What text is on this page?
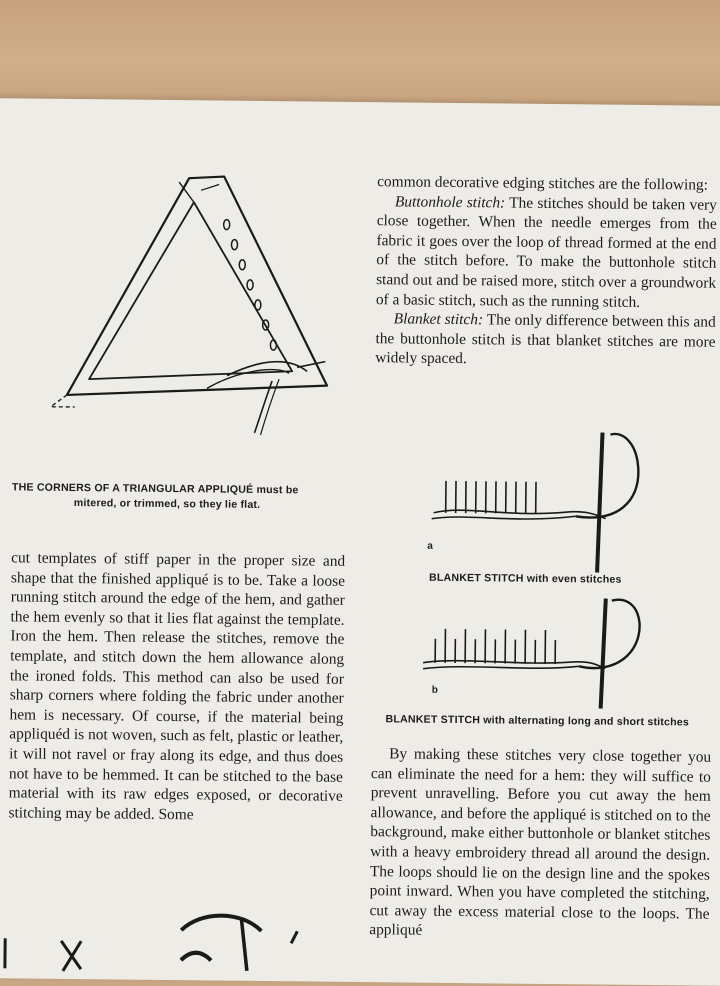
THE CORNERS OF A TRIANGULAR APPLIQUÉ must be
mitered, or trimmed, so they lie flat.

cut templates of stiff paper in the proper size and shape that the finished appliqué is to be. Take a loose running stitch around the edge of the hem, and gather the hem evenly so that it lies flat against the template. Iron the hem. Then release the stitches, remove the template, and stitch down the hem allowance along the ironed folds. This method can also be used for sharp corners where folding the fabric under another hem is necessary. Of course, if the material being appliquéd is not woven, such as felt, plastic or leather, it will not ravel or fray along its edge, and thus does not have to be hemmed. It can be stitched to the base material with its raw edges exposed, or decorative stitching may be added. Some

common decorative edging stitches are the following:

Buttonhole stitch: The stitches should be taken very close together. When the needle emerges from the fabric it goes over the loop of thread formed at the end of the stitch before. To make the buttonhole stitch stand out and be raised more, stitch over a groundwork of a basic stitch, such as the running stitch.

Blanket stitch: The only difference between this and the buttonhole stitch is that blanket stitches are more widely spaced.

a
BLANKET STITCH with even stitches
b
BLANKET STITCH with alternating long and short stitches

By making these stitches very close together you can eliminate the need for a hem: they will suffice to prevent unravelling. Before you cut away the hem allowance, and before the appliqué is stitched on to the background, make either buttonhole or blanket stitches with a heavy embroidery thread all around the design. The loops should lie on the design line and the spokes point inward. When you have completed the stitching, cut away the excess material close to the loops. The appliqué
